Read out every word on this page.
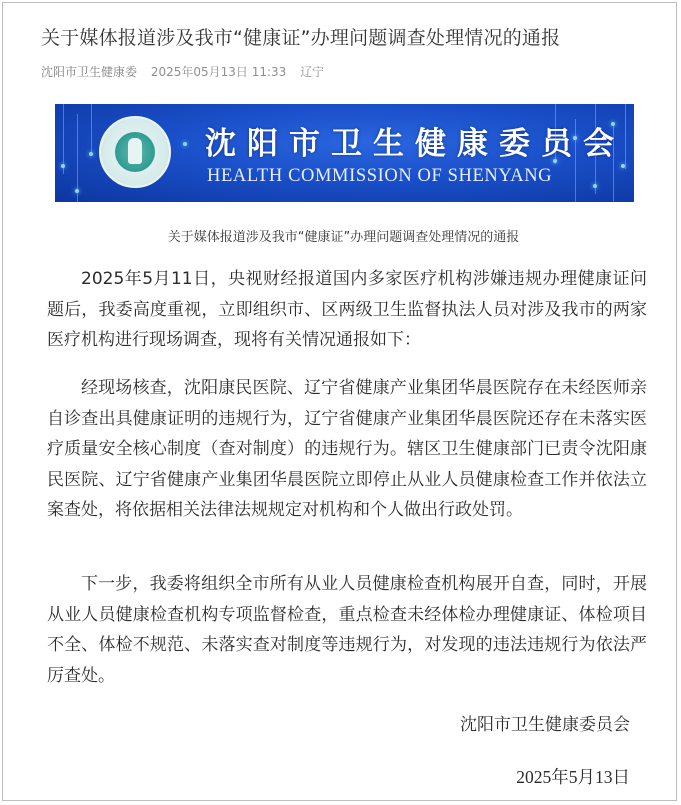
关于媒体报道涉及我市“健康证”办理问题调查处理情况的通报
沈阳市卫生健康委 2025年05月13日 11:33 辽宁
沈阳市卫生健康委员会
HEALTH COMMISSION OF SHENYANG
关于媒体报道涉及我市“健康证”办理问题调查处理情况的通报

2025年5月11日，央视财经报道国内多家医疗机构涉嫌违规办理健康证问题后，我委高度重视，立即组织市、区两级卫生监督执法人员对涉及我市的两家医疗机构进行现场调查，现将有关情况通报如下：

经现场核查，沈阳康民医院、辽宁省健康产业集团华晨医院存在未经医师亲自诊查出具健康证明的违规行为，辽宁省健康产业集团华晨医院还存在未落实医疗质量安全核心制度（查对制度）的违规行为。辖区卫生健康部门已责令沈阳康民医院、辽宁省健康产业集团华晨医院立即停止从业人员健康检查工作并依法立案查处，将依据相关法律法规规定对机构和个人做出行政处罚。

下一步，我委将组织全市所有从业人员健康检查机构展开自查，同时，开展从业人员健康检查机构专项监督检查，重点检查未经体检办理健康证、体检项目不全、体检不规范、未落实查对制度等违规行为，对发现的违法违规行为依法严厉查处。

沈阳市卫生健康委员会
2025年5月13日
